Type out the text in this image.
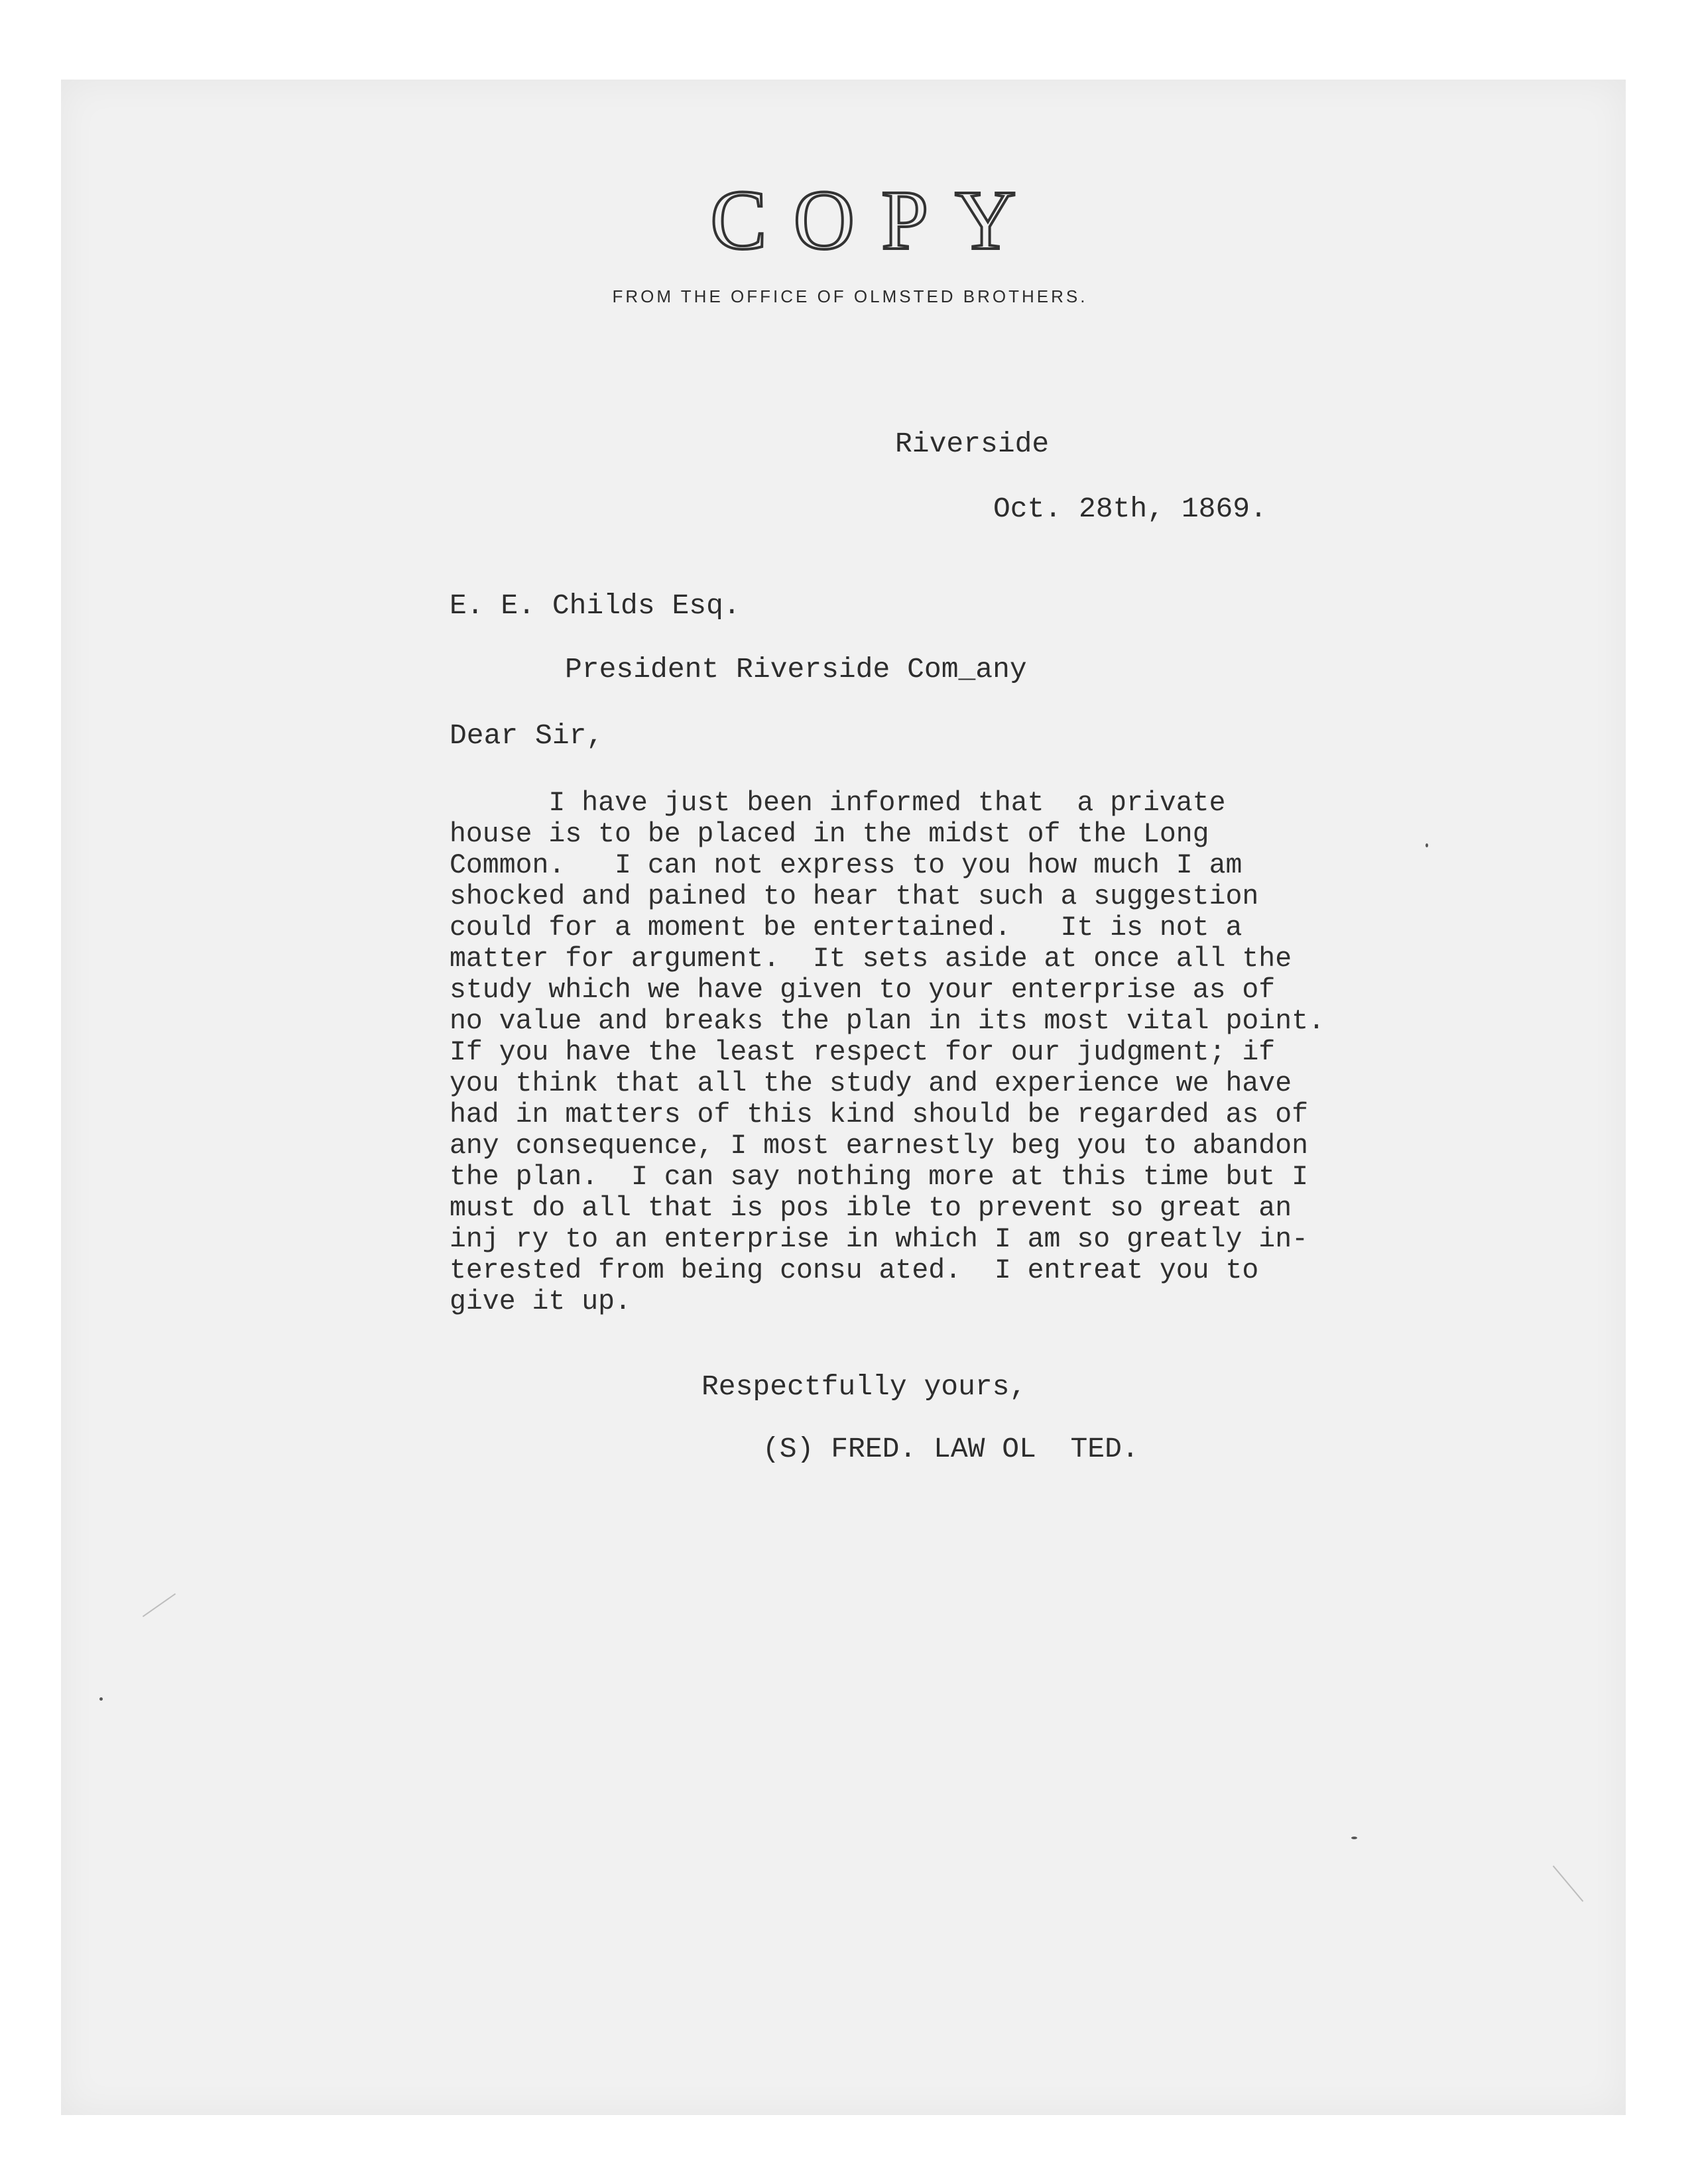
COPY
FROM THE OFFICE OF OLMSTED BROTHERS.
Riverside
Oct. 28th, 1869.
E. E. Childs Esq.
President Riverside Com_any
Dear Sir,
I have just been informed that  a private
house is to be placed in the midst of the Long
Common.   I can not express to you how much I am
shocked and pained to hear that such a suggestion
could for a moment be entertained.   It is not a
matter for argument.  It sets aside at once all the
study which we have given to your enterprise as of
no value and breaks the plan in its most vital point.
If you have the least respect for our judgment; if
you think that all the study and experience we have
had in matters of this kind should be regarded as of
any consequence, I most earnestly beg you to abandon
the plan.  I can say nothing more at this time but I
must do all that is pos ible to prevent so great an
inj ry to an enterprise in which I am so greatly in-
terested from being consu ated.  I entreat you to
give it up.
Respectfully yours,
(S) FRED. LAW OL  TED.
